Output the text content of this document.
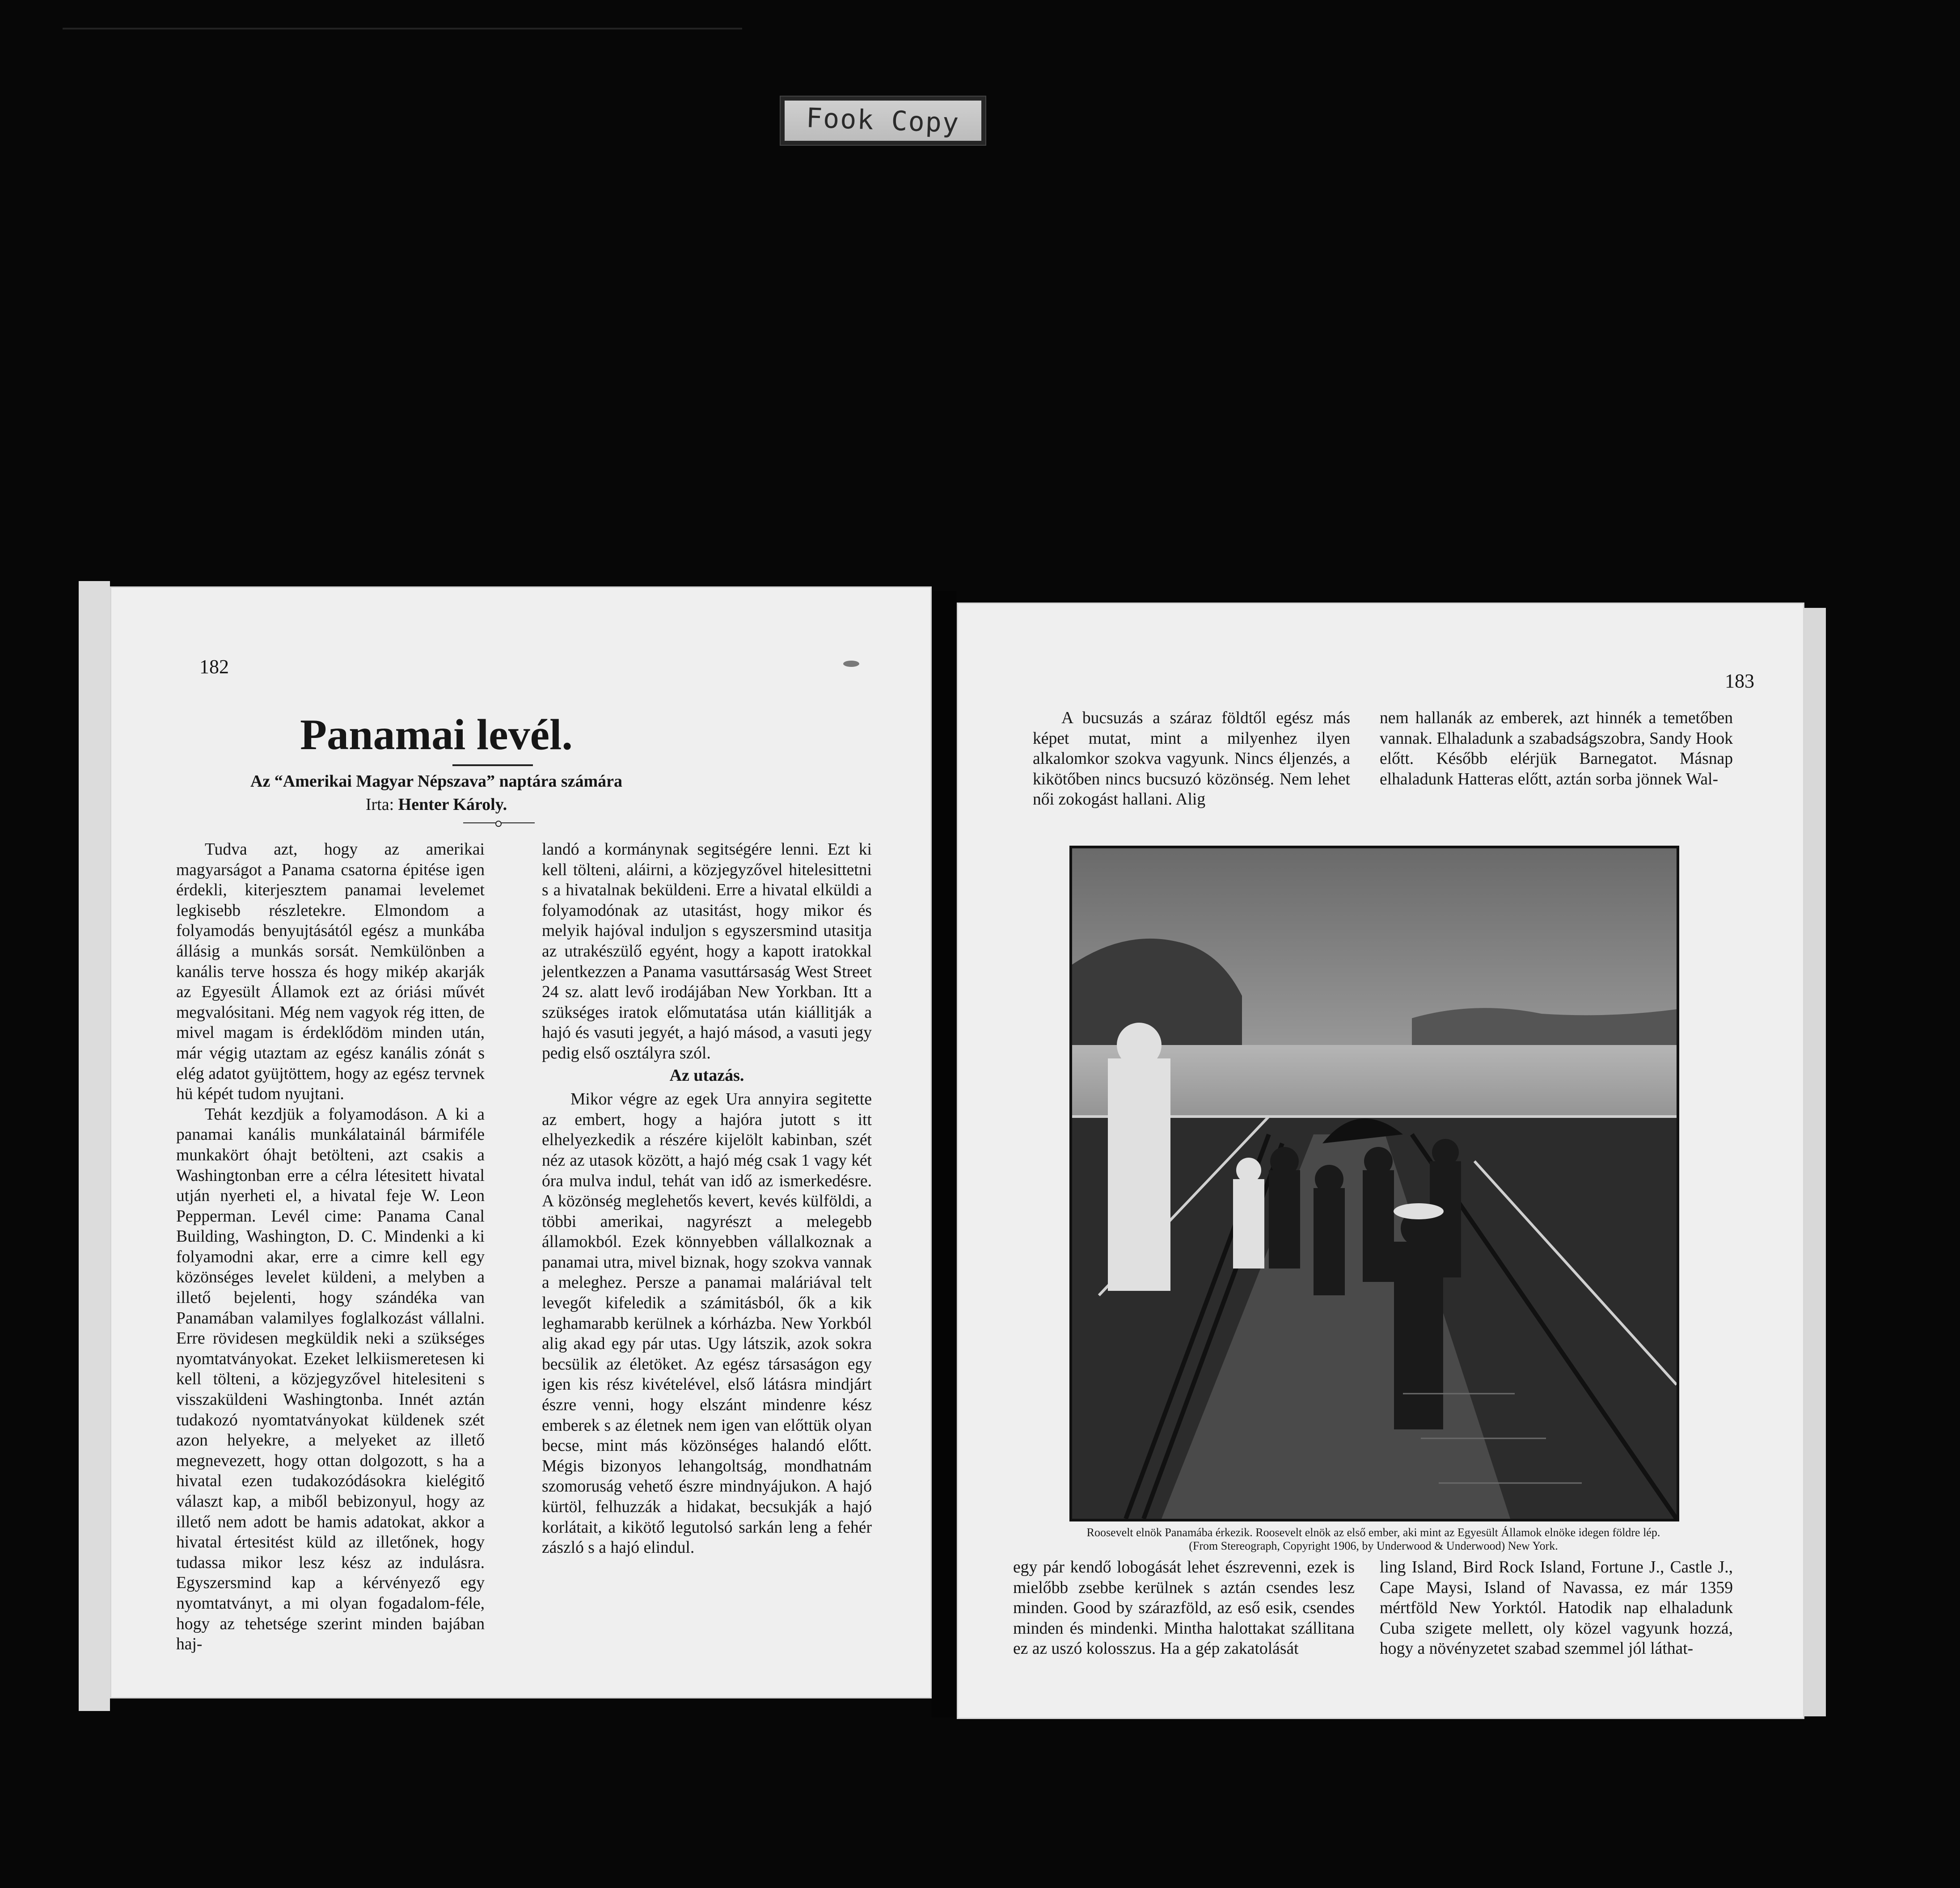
Fook Copy
182
Panamai levél.
Az “Amerikai Magyar Népszava” naptára számára
Irta: Henter Károly.

Tudva azt, hogy az amerikai magyarságot a Panama csatorna épitése igen érdekli, kiterjesztem panamai levelemet legkisebb részletekre. Elmondom a folyamodás benyujtásától egész a munkába állásig a munkás sorsát. Nemkülönben a kanális terve hossza és hogy mikép akarják az Egyesült Államok ezt az óriási művét megvalósitani. Még nem vagyok rég itten, de mivel magam is érdeklődöm minden után, már végig utaztam az egész kanális zónát s elég adatot gyüjtöttem, hogy az egész tervnek hü képét tudom nyujtani.

Tehát kezdjük a folyamodáson. A ki a panamai kanális munkálatainál bármiféle munkakört óhajt betölteni, azt csakis a Washingtonban erre a célra létesitett hivatal utján nyerheti el, a hivatal feje W. Leon Pepperman. Levél cime: Panama Canal Building, Washington, D. C. Mindenki a ki folyamodni akar, erre a cimre kell egy közönséges levelet küldeni, a melyben a illető bejelenti, hogy szándéka van Panamában valamilyes foglalkozást vállalni. Erre rövidesen megküldik neki a szükséges nyomtatványokat. Ezeket lelkiismeretesen ki kell tölteni, a közjegyzővel hitelesiteni s visszaküldeni Washingtonba. Innét aztán tudakozó nyomtatványokat küldenek szét azon helyekre, a melyeket az illető megnevezett, hogy ottan dolgozott, s ha a hivatal ezen tudakozódásokra kielégitő választ kap, a miből bebizonyul, hogy az illető nem adott be hamis adatokat, akkor a hivatal értesitést küld az illetőnek, hogy tudassa mikor lesz kész az indulásra. Egyszersmind kap a kérvényező egy nyomtatványt, a mi olyan fogadalom-féle, hogy az tehetsége szerint minden bajában haj-

landó a kormánynak segitségére lenni. Ezt ki kell tölteni, aláirni, a közjegyzővel hitelesittetni s a hivatalnak beküldeni. Erre a hivatal elküldi a folyamodónak az utasitást, hogy mikor és melyik hajóval induljon s egyszersmind utasitja az utrakészülő egyént, hogy a kapott iratokkal jelentkezzen a Panama vasuttársaság West Street 24 sz. alatt levő irodájában New Yorkban. Itt a szükséges iratok előmutatása után kiállitják a hajó és vasuti jegyét, a hajó másod, a vasuti jegy pedig első osztályra szól.

Az utazás.

Mikor végre az egek Ura annyira segitette az embert, hogy a hajóra jutott s itt elhelyezkedik a részére kijelölt kabinban, szét néz az utasok között, a hajó még csak 1 vagy két óra mulva indul, tehát van idő az ismerkedésre. A közönség meglehetős kevert, kevés külföldi, a többi amerikai, nagyrészt a melegebb államokból. Ezek könnyebben vállalkoznak a panamai utra, mivel biznak, hogy szokva vannak a meleghez. Persze a panamai maláriával telt levegőt kifeledik a számitásból, ők a kik leghamarabb kerülnek a kórházba. New Yorkból alig akad egy pár utas. Ugy látszik, azok sokra becsülik az életöket. Az egész társaságon egy igen kis rész kivételével, első látásra mindjárt észre venni, hogy elszánt mindenre kész emberek s az életnek nem igen van előttük olyan becse, mint más közönséges halandó előtt. Mégis bizonyos lehangoltság, mondhatnám szomoruság vehető észre mindnyájukon. A hajó kürtöl, felhuzzák a hidakat, becsukják a hajó korlátait, a kikötő legutolsó sarkán leng a fehér zászló s a hajó elindul.

183

A bucsuzás a száraz földtől egész más képet mutat, mint a milyenhez ilyen alkalomkor szokva vagyunk. Nincs éljenzés, a kikötőben nincs bucsuzó közönség. Nem lehet női zokogást hallani. Alig

nem hallanák az emberek, azt hinnék a temetőben vannak. Elhaladunk a szabadságszobra, Sandy Hook előtt. Később elérjük Barnegatot. Másnap elhaladunk Hatteras előtt, aztán sorba jönnek Wal-

Roosevelt elnök Panamába érkezik. Roosevelt elnök az első ember, aki mint az Egyesült Államok elnöke idegen földre lép.
(From Stereograph, Copyright 1906, by Underwood & Underwood) New York.

egy pár kendő lobogását lehet észrevenni, ezek is mielőbb zsebbe kerülnek s aztán csendes lesz minden. Good by szárazföld, az eső esik, csendes minden és mindenki. Mintha halottakat szállitana ez az uszó kolosszus. Ha a gép zakatolását

ling Island, Bird Rock Island, Fortune J., Castle J., Cape Maysi, Island of Navassa, ez már 1359 mértföld New Yorktól. Hatodik nap elhaladunk Cuba szigete mellett, oly közel vagyunk hozzá, hogy a növényzetet szabad szemmel jól láthat-
